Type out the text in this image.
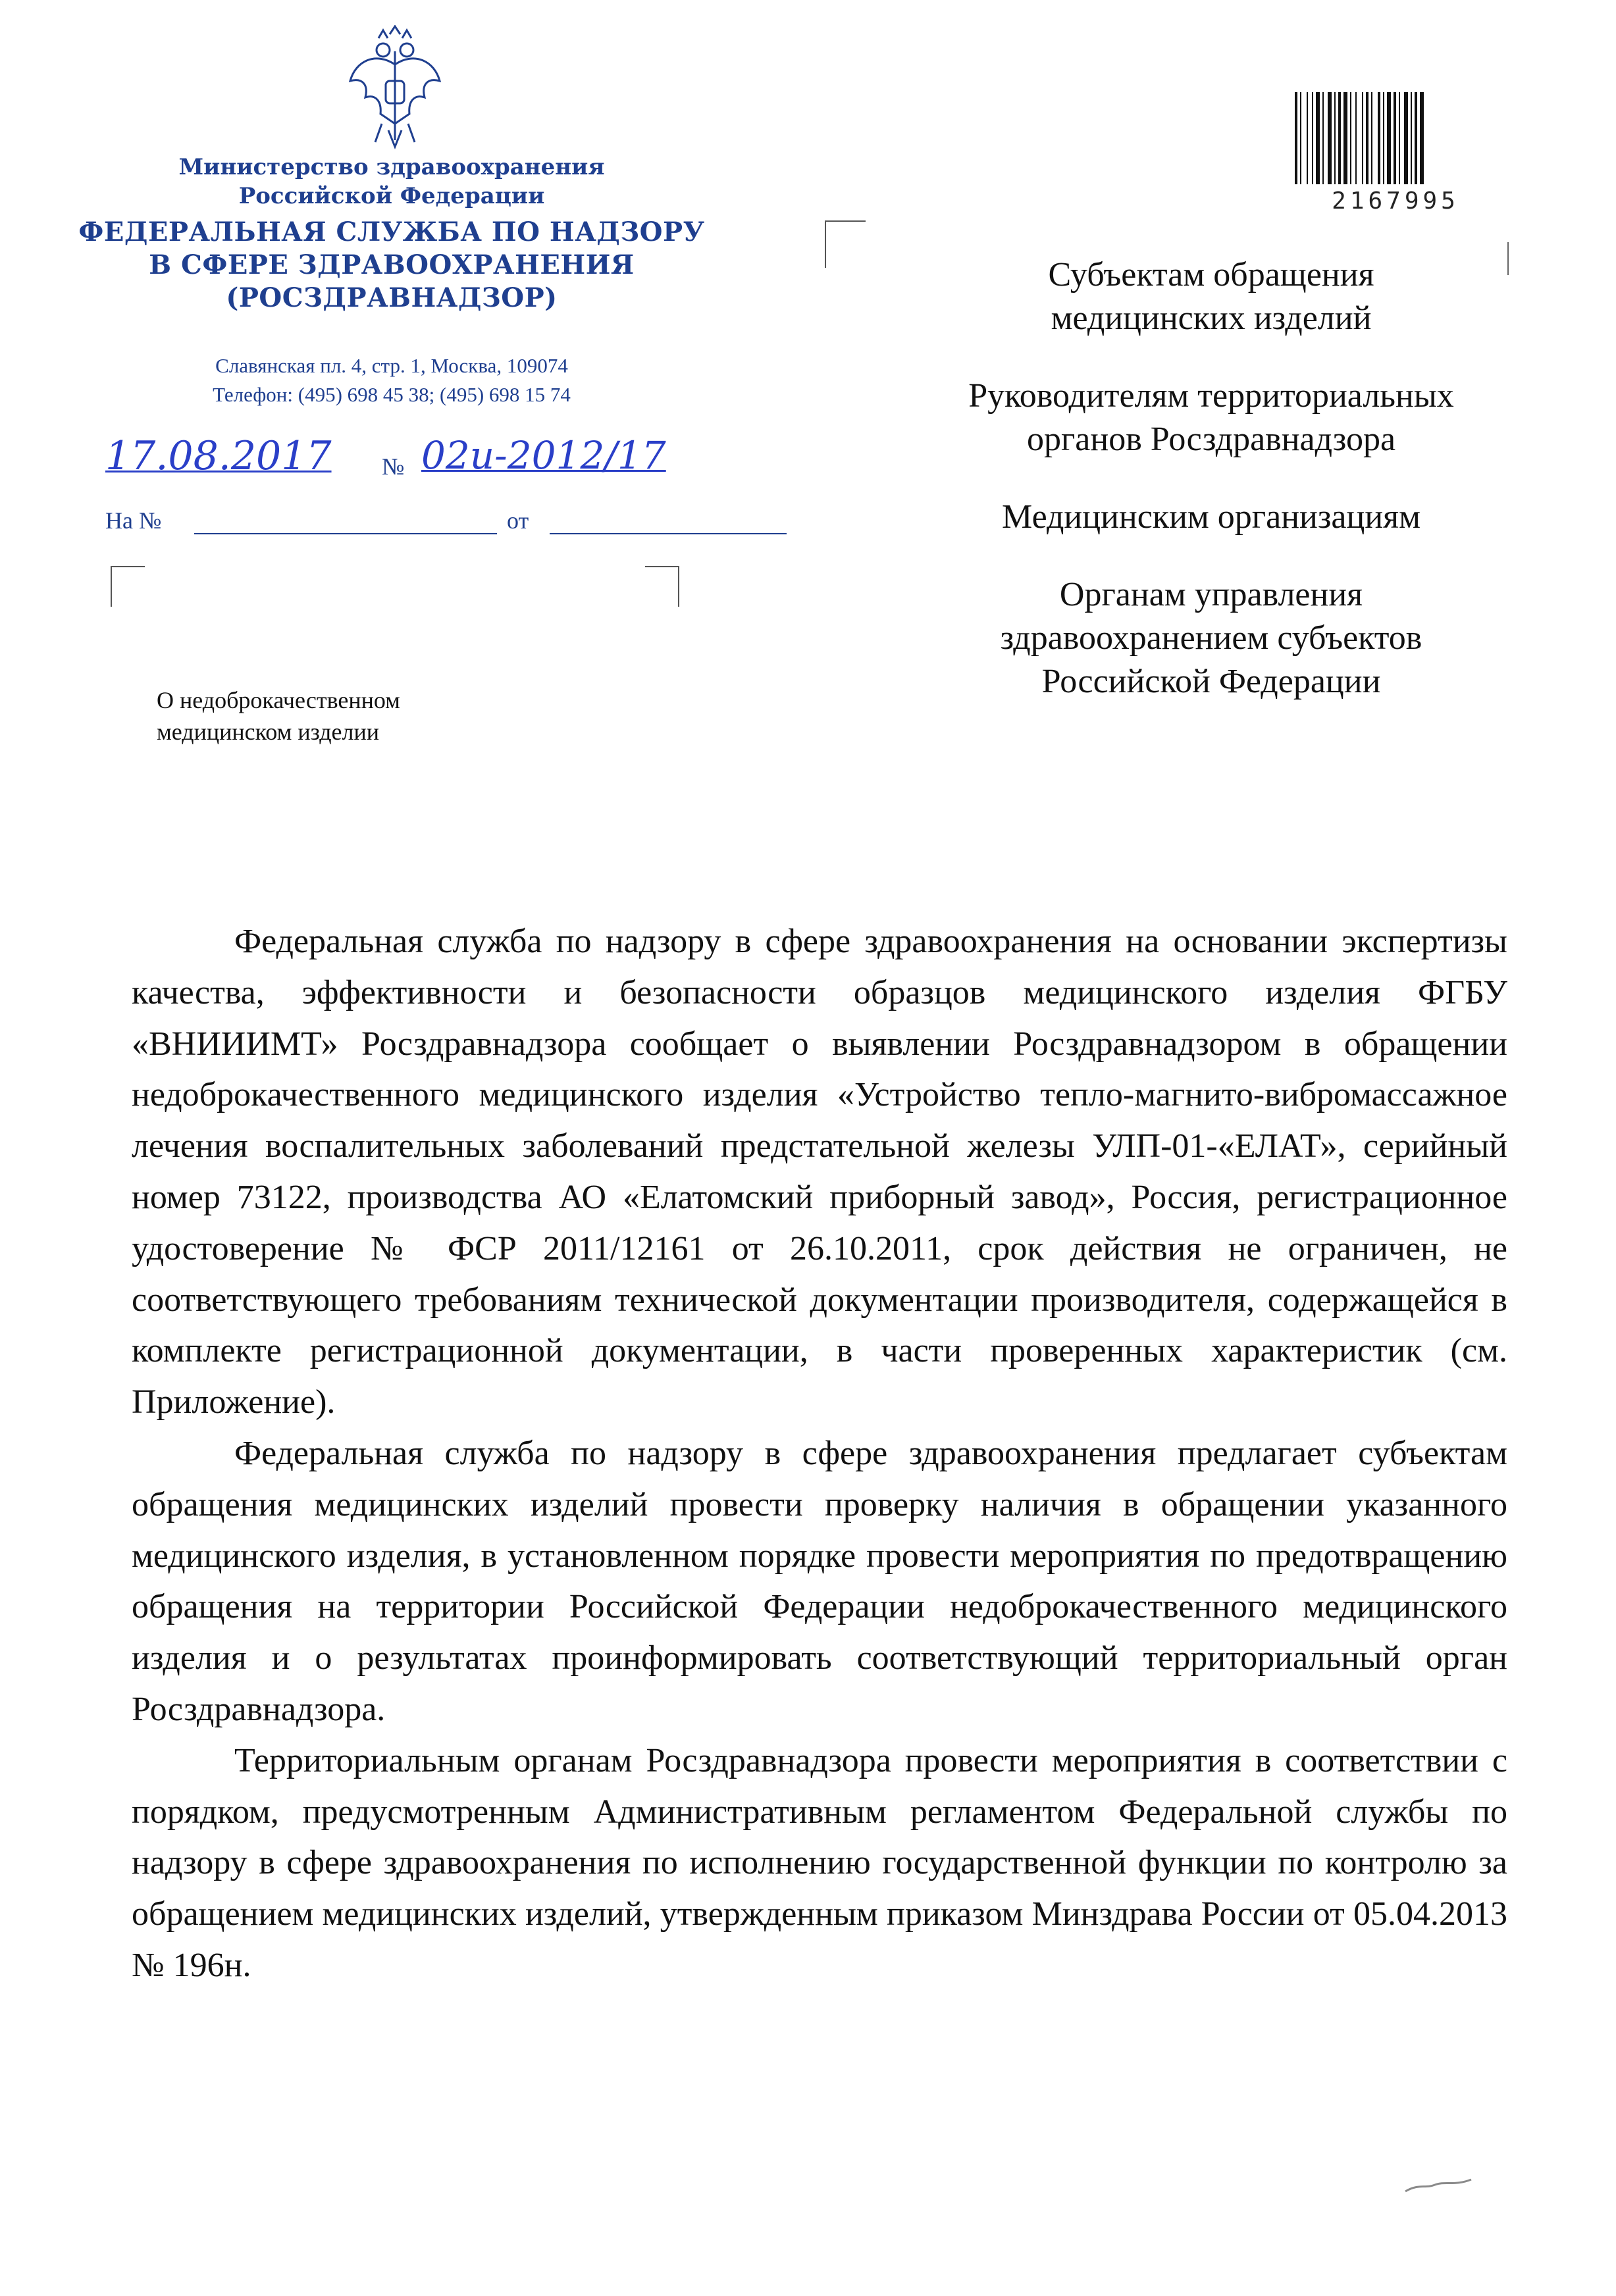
Министерство здравоохранения
Российской Федерации
ФЕДЕРАЛЬНАЯ СЛУЖБА ПО НАДЗОРУ
В СФЕРЕ ЗДРАВООХРАНЕНИЯ
(РОСЗДРАВНАДЗОР)
Славянская пл. 4, стр. 1, Москва, 109074
Телефон: (495) 698 45 38; (495) 698 15 74
17.08.2017 № 02и-2012/17
На №	от
О недоброкачественном
медицинском изделии
2167995
Субъектам обращения
медицинских изделий
Руководителям территориальных
органов Росздравнадзора
Медицинским организациям
Органам управления
здравоохранением субъектов
Российской Федерации

Федеральная служба по надзору в сфере здравоохранения на основании экспертизы качества, эффективности и безопасности образцов медицинского изделия ФГБУ «ВНИИИМТ» Росздравнадзора сообщает о выявлении Росздравнадзором в обращении недоброкачественного медицинского изделия «Устройство тепло-магнито-вибромассажное лечения воспалительных заболеваний предстательной железы УЛП-01-«ЕЛАТ», серийный номер 73122, производства АО «Елатомский приборный завод», Россия, регистрационное удостоверение № ФСР 2011/12161 от 26.10.2011, срок действия не ограничен, не соответствующего требованиям технической документации производителя, содержащейся в комплекте регистрационной документации, в части проверенных характеристик (см. Приложение).

Федеральная служба по надзору в сфере здравоохранения предлагает субъектам обращения медицинских изделий провести проверку наличия в обращении указанного медицинского изделия, в установленном порядке провести мероприятия по предотвращению обращения на территории Российской Федерации недоброкачественного медицинского изделия и о результатах проинформировать соответствующий территориальный орган Росздравнадзора.

Территориальным органам Росздравнадзора провести мероприятия в соответствии с порядком, предусмотренным Административным регламентом Федеральной службы по надзору в сфере здравоохранения по исполнению государственной функции по контролю за обращением медицинских изделий, утвержденным приказом Минздрава России от 05.04.2013 № 196н.
